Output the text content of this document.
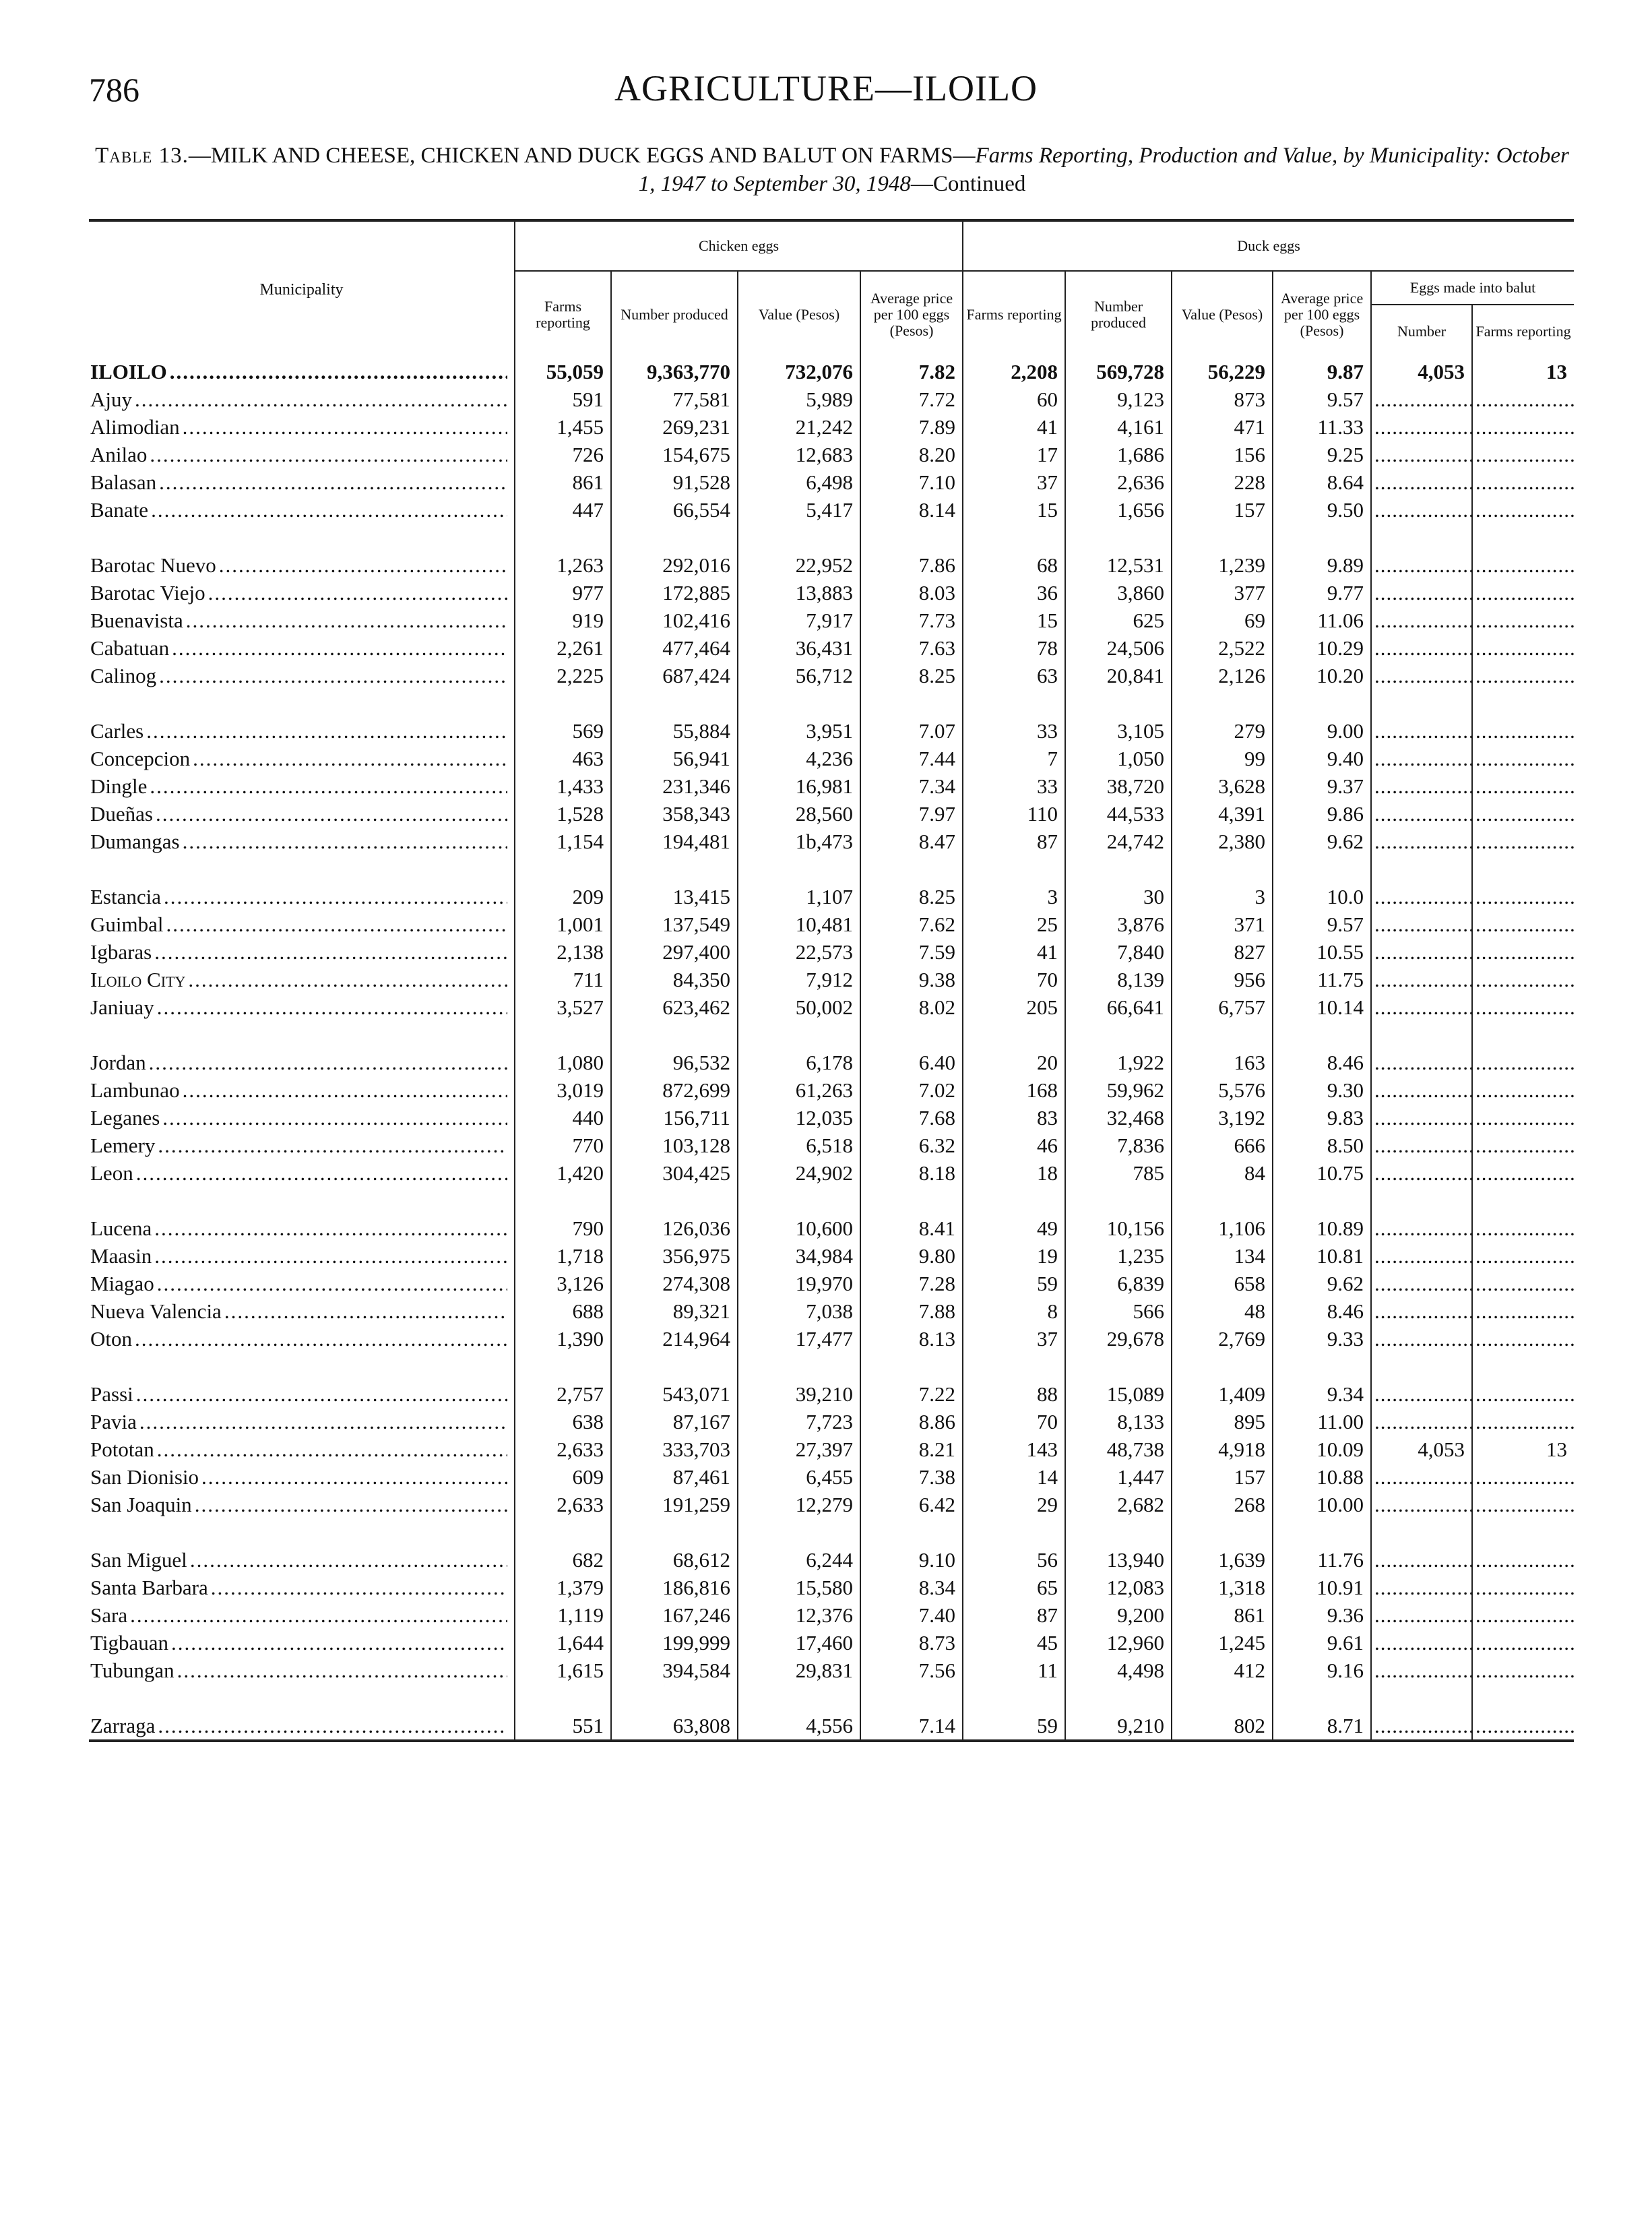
786	AGRICULTURE—ILOILO
Table 13.—MILK AND CHEESE, CHICKEN AND DUCK EGGS AND BALUT ON FARMS—Farms Reporting, Production and Value, by Municipality: October 1, 1947 to September 30, 1948—Continued
Municipality	Chicken eggs				Duck eggs					
	Farms reporting	Number produced	Value (Pesos)	Average price per 100 eggs (Pesos)	Farms reporting	Number produced	Value (Pesos)	Average price per 100 eggs (Pesos)	Eggs made into balut	
									Number	Farms reporting

ILOILO .....	55,059	9,363,770	732,076	7.82	2,208	569,728	56,229	9.87	4,053	13

Ajuy .....	591	77,581	5,989	7.72	60	9,123	873	9.57	.....	.....

Alimodian .....	1,455	269,231	21,242	7.89	41	4,161	471	11.33	.....	.....

Anilao .....	726	154,675	12,683	8.20	17	1,686	156	9.25	.....	.....

Balasan .....	861	91,528	6,498	7.10	37	2,636	228	8.64	.....	.....

Banate .....	447	66,554	5,417	8.14	15	1,656	157	9.50	.....	.....

Barotac Nuevo .....	1,263	292,016	22,952	7.86	68	12,531	1,239	9.89	.....	.....

Barotac Viejo .....	977	172,885	13,883	8.03	36	3,860	377	9.77	.....	.....

Buenavista .....	919	102,416	7,917	7.73	15	625	69	11.06	.....	.....

Cabatuan .....	2,261	477,464	36,431	7.63	78	24,506	2,522	10.29	.....	.....

Calinog .....	2,225	687,424	56,712	8.25	63	20,841	2,126	10.20	.....	.....

Carles .....	569	55,884	3,951	7.07	33	3,105	279	9.00	.....	.....

Concepcion .....	463	56,941	4,236	7.44	7	1,050	99	9.40	.....	.....

Dingle .....	1,433	231,346	16,981	7.34	33	38,720	3,628	9.37	.....	.....

Dueñas .....	1,528	358,343	28,560	7.97	110	44,533	4,391	9.86	.....	.....

Dumangas .....	1,154	194,481	1b,473	8.47	87	24,742	2,380	9.62	.....	.....

Estancia .....	209	13,415	1,107	8.25	3	30	3	10.0	.....	.....

Guimbal .....	1,001	137,549	10,481	7.62	25	3,876	371	9.57	.....	.....

Igbaras .....	2,138	297,400	22,573	7.59	41	7,840	827	10.55	.....	.....

Iloilo City .....	711	84,350	7,912	9.38	70	8,139	956	11.75	.....	.....

Janiuay .....	3,527	623,462	50,002	8.02	205	66,641	6,757	10.14	.....	.....

Jordan .....	1,080	96,532	6,178	6.40	20	1,922	163	8.46	.....	.....

Lambunao .....	3,019	872,699	61,263	7.02	168	59,962	5,576	9.30	.....	.....

Leganes .....	440	156,711	12,035	7.68	83	32,468	3,192	9.83	.....	.....

Lemery .....	770	103,128	6,518	6.32	46	7,836	666	8.50	.....	.....

Leon .....	1,420	304,425	24,902	8.18	18	785	84	10.75	.....	.....

Lucena .....	790	126,036	10,600	8.41	49	10,156	1,106	10.89	.....	.....

Maasin .....	1,718	356,975	34,984	9.80	19	1,235	134	10.81	.....	.....

Miagao .....	3,126	274,308	19,970	7.28	59	6,839	658	9.62	.....	.....

Nueva Valencia .....	688	89,321	7,038	7.88	8	566	48	8.46	.....	.....

Oton .....	1,390	214,964	17,477	8.13	37	29,678	2,769	9.33	.....	.....

Passi .....	2,757	543,071	39,210	7.22	88	15,089	1,409	9.34	.....	.....

Pavia .....	638	87,167	7,723	8.86	70	8,133	895	11.00	.....	.....

Pototan .....	2,633	333,703	27,397	8.21	143	48,738	4,918	10.09	4,053	13

San Dionisio .....	609	87,461	6,455	7.38	14	1,447	157	10.88	.....	.....

San Joaquin .....	2,633	191,259	12,279	6.42	29	2,682	268	10.00	.....	.....

San Miguel .....	682	68,612	6,244	9.10	56	13,940	1,639	11.76	.....	.....

Santa Barbara .....	1,379	186,816	15,580	8.34	65	12,083	1,318	10.91	.....	.....

Sara .....	1,119	167,246	12,376	7.40	87	9,200	861	9.36	.....	.....

Tigbauan .....	1,644	199,999	17,460	8.73	45	12,960	1,245	9.61	.....	.....

Tubungan .....	1,615	394,584	29,831	7.56	11	4,498	412	9.16	.....	.....

Zarraga .....	551	63,808	4,556	7.14	59	9,210	802	8.71	.....	.....
